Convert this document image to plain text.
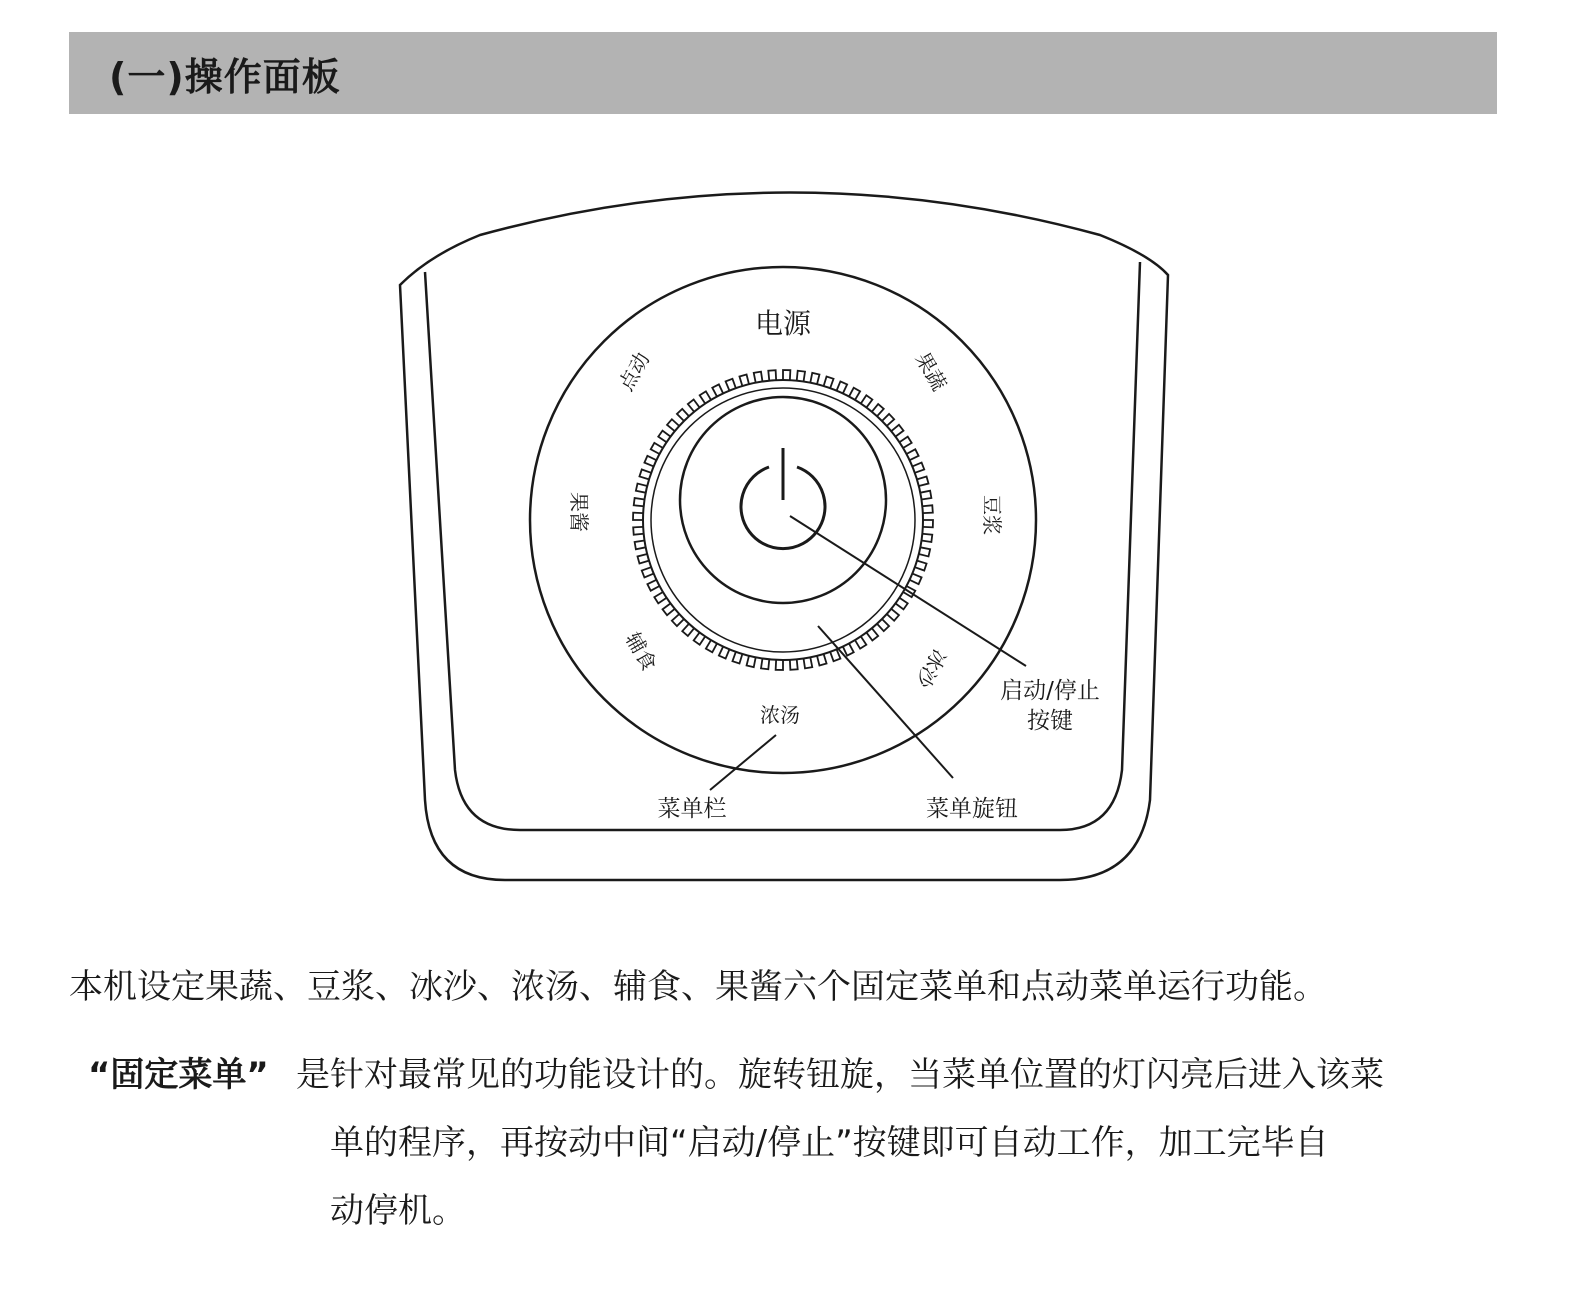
(一)操作面板
电源
点动	果蔬
豆浆
冰沙
浓汤
辅食
果酱
启动/停止
按键
菜单栏	菜单旋钮
本机设定果蔬、豆浆、冰沙、浓汤、辅食、果酱六个固定菜单和点动菜单运行功能。
“固定菜单” 是针对最常见的功能设计的。旋转钮旋，当菜单位置的灯闪亮后进入该菜
单的程序，再按动中间“启动/停止”按键即可自动工作，加工完毕自
动停机。
